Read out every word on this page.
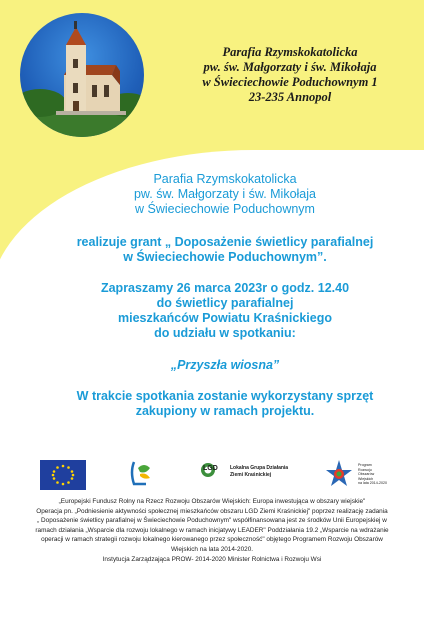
Parafia Rzymskokatolicka
pw. św. Małgorzaty i św. Mikołaja
w Świeciechowie Poduchownym 1
23-235 Annopol
Parafia Rzymskokatolicka
pw. św. Małgorzaty i św. Mikołaja
w Świeciechowie Poduchownym
realizuje grant „ Doposażenie świetlicy parafialnej
w Świeciechowie Poduchownym”.
Zapraszamy 26 marca 2023r o godz. 12.40
do świetlicy parafialnej
mieszkańców Powiatu Kraśnickiego
do udziału w spotkaniu:
„Przyszła wiosna”
W trakcie spotkania zostanie wykorzystany sprzęt
zakupiony w ramach projektu.
LGD Lokalna Grupa Działania
Ziemi Kraśnickiej
Program
Rozwoju
Obszarów
Wiejskich
na lata 2014-2020
„Europejski Fundusz Rolny na Rzecz Rozwoju Obszarów Wiejskich: Europa inwestująca w obszary wiejskie"
Operacja pn. „Podniesienie aktywności społecznej mieszkańców obszaru LGD Ziemi Kraśnickiej" poprzez realizację zadania
„ Doposażenie świetlicy parafialnej w Świeciechowie Poduchownym" współfinansowana jest ze środków Unii Europejskiej w
ramach działania „Wsparcie dla rozwoju lokalnego w ramach inicjatywy LEADER" Poddziałania 19.2 „Wsparcie na wdrażanie
operacji w ramach strategii rozwoju lokalnego kierowanego przez społeczność" objętego Programem Rozwoju Obszarów
Wiejskich na lata 2014-2020.
Instytucja Zarządzająca PROW- 2014-2020 Minister Rolnictwa i Rozwoju Wsi
